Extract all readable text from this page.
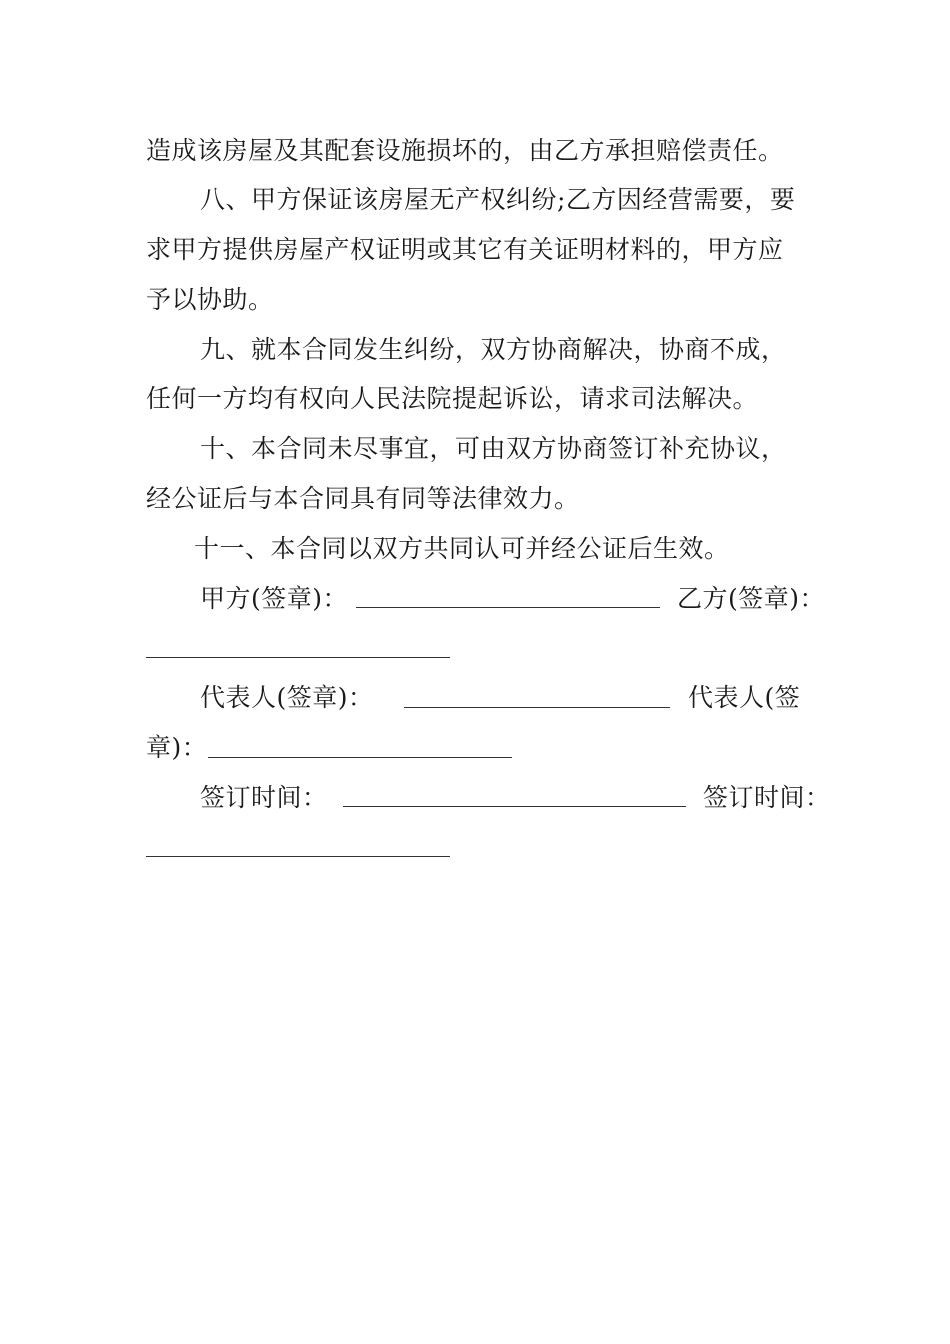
造成该房屋及其配套设施损坏的，由乙方承担赔偿责任。
八、甲方保证该房屋无产权纠纷;乙方因经营需要，要
求甲方提供房屋产权证明或其它有关证明材料的，甲方应
予以协助。
九、就本合同发生纠纷，双方协商解决，协商不成，
任何一方均有权向人民法院提起诉讼，请求司法解决。
十、本合同未尽事宜，可由双方协商签订补充协议，
经公证后与本合同具有同等法律效力。
十一、本合同以双方共同认可并经公证后生效。
甲方(签章)：	乙方(签章)：
代表人(签章)：	代表人(签
章)：
签订时间：	签订时间：
